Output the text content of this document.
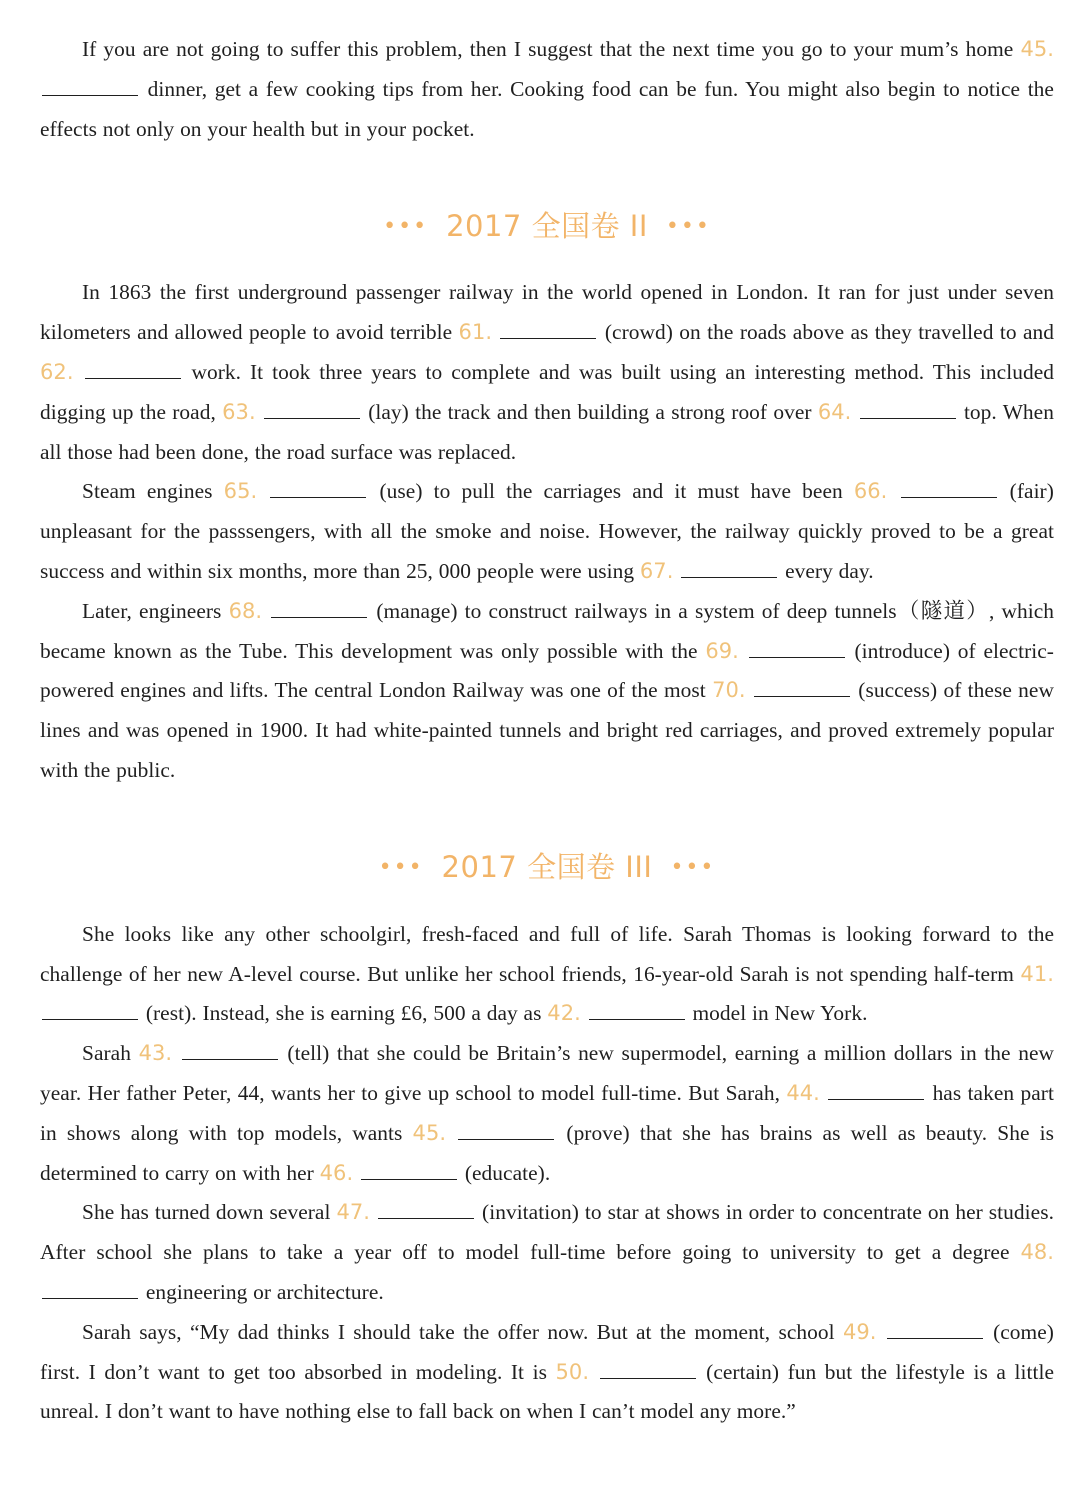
If you are not going to suffer this problem, then I suggest that the next time you go to your mum’s home 45.  dinner, get a few cooking tips from her. Cooking food can be fun. You might also begin to notice the effects not only on your health but in your pocket.

••• 2017 全国卷 II •••

In 1863 the first underground passenger railway in the world opened in London. It ran for just under seven kilometers and allowed people to avoid terrible 61.	(crowd) on the roads above as they travelled to and 62.	work. It took three years to complete and was built using an interesting method. This included digging up the road, 63.	(lay) the track and then building a strong roof over 64.	top. When all those had been done, the road surface was replaced.

Steam engines 65.	(use) to pull the carriages and it must have been 66.	(fair) unpleasant for the passsengers, with all the smoke and noise. However, the railway quickly proved to be a great success and within six months, more than 25, 000 people were using 67.	every day.

Later, engineers 68.	(manage) to construct railways in a system of deep tunnels（隧道）, which became known as the Tube. This development was only possible with the 69.	(introduce) of electric-powered engines and lifts. The central London Railway was one of the most 70.	(success) of these new lines and was opened in 1900. It had white-painted tunnels and bright red carriages, and proved extremely popular with the public.

••• 2017 全国卷 III •••

She looks like any other schoolgirl, fresh-faced and full of life. Sarah Thomas is looking forward to the challenge of her new A-level course. But unlike her school friends, 16-year-old Sarah is not spending half-term 41.  (rest). Instead, she is earning £6, 500 a day as 42.	model in New York.

Sarah 43.	(tell) that she could be Britain’s new supermodel, earning a million dollars in the new year. Her father Peter, 44, wants her to give up school to model full-time. But Sarah, 44.	has taken part in shows along with top models, wants 45.	(prove) that she has brains as well as beauty. She is determined to carry on with her 46.	(educate).

She has turned down several 47.	(invitation) to star at shows in order to concentrate on her studies. After school she plans to take a year off to model full-time before going to university to get a degree 48.  engineering or architecture.

Sarah says, “My dad thinks I should take the offer now. But at the moment, school 49.	(come) first. I don’t want to get too absorbed in modeling. It is 50.	(certain) fun but the lifestyle is a little unreal. I don’t want to have nothing else to fall back on when I can’t model any more.”
